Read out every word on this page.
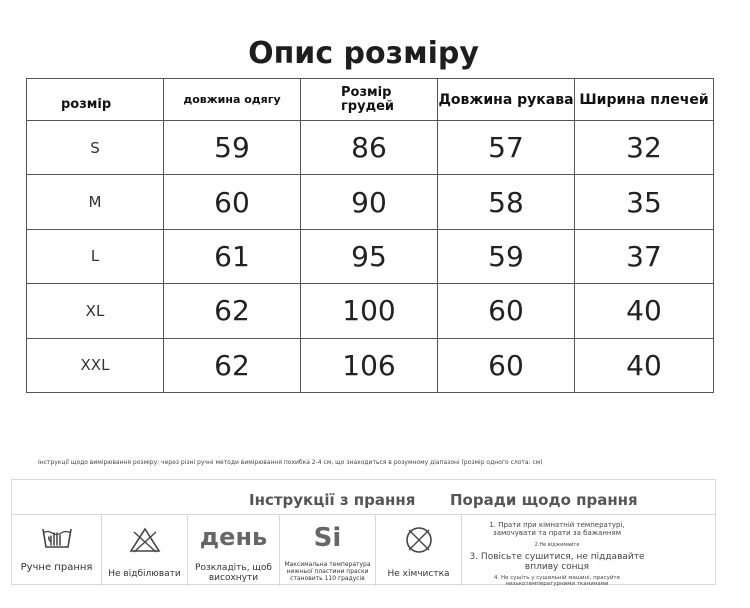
Опис розміру
розмір	довжина одягу	Розмір грудей	Довжина рукава	Ширина плечей
S	59	86	57	32
M	60	90	58	35
L	61	95	59	37
XL	62	100	60	40
XXL	62	106	60	40
Інструкції щодо вимірювання розміру: через різні ручні методи вимірювання похибка 2-4 см, що знаходиться в розумному діапазоні (розмір одного слота: см)
Інструкції з прання Поради щодо прання
Ручне прання
Не відбілювати
день
Розкладіть, щоб висохнути
Si
Максимальна температура нижньої пластини праски становить 110 градусів	Не хімчистка
1. Прати при кімнатній температурі, замочувати та прати за бажанням
2.Не віджимайте
3. Повісьте сушитися, не піддавайте впливу сонця
4. Не сушіть у сушильній машині, прасуйте низькотемпературними тканинами
